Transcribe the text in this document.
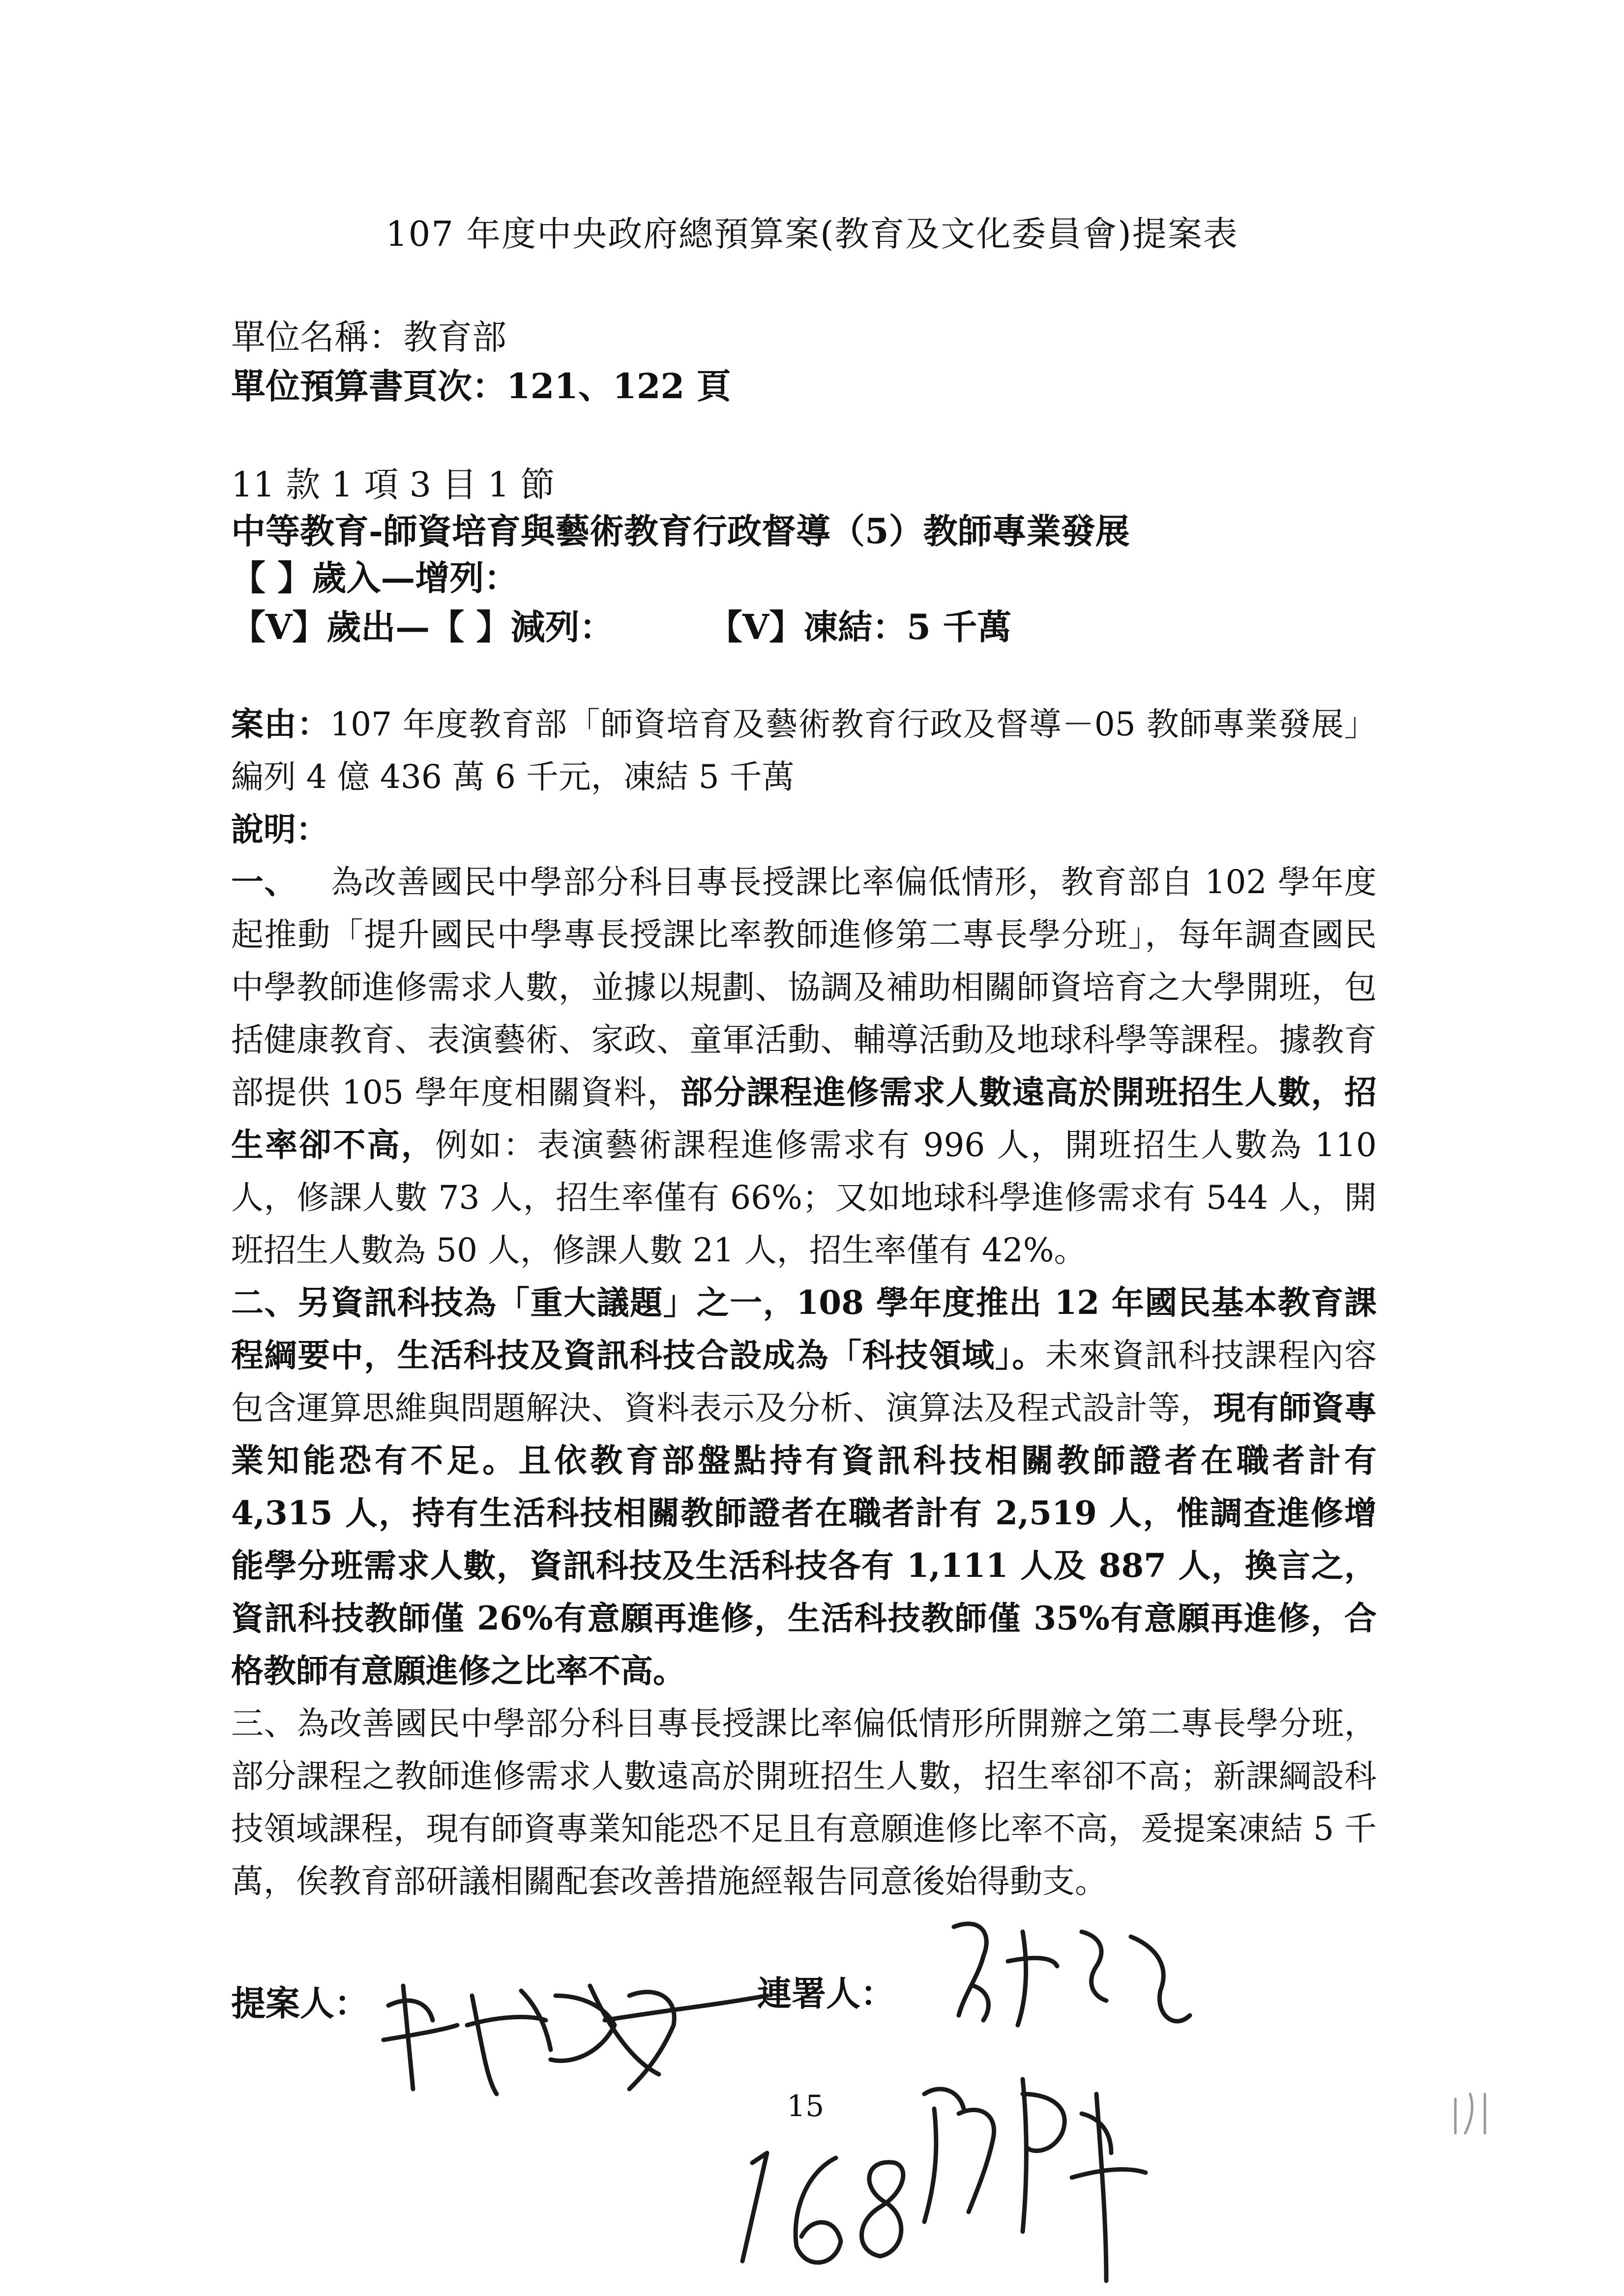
107 年度中央政府總預算案(教育及文化委員會)提案表
單位名稱：教育部
單位預算書頁次：121、122 頁
11 款 1 項 3 目 1 節
中等教育-師資培育與藝術教育行政督導（5）教師專業發展
【 】歲入—增列：
【V】歲出—【 】減列：	【V】凍結：5 千萬

案由：107 年度教育部「師資培育及藝術教育行政及督導－05 教師專業發展」編列 4 億 436 萬 6 千元，凍結 5 千萬

說明：

一、 為改善國民中學部分科目專長授課比率偏低情形，教育部自 102 學年度起推動「提升國民中學專長授課比率教師進修第二專長學分班」，每年調查國民中學教師進修需求人數，並據以規劃、協調及補助相關師資培育之大學開班，包括健康教育、表演藝術、家政、童軍活動、輔導活動及地球科學等課程。據教育部提供 105 學年度相關資料，部分課程進修需求人數遠高於開班招生人數，招生率卻不高，例如：表演藝術課程進修需求有 996 人，開班招生人數為 110 人，修課人數 73 人，招生率僅有 66%；又如地球科學進修需求有 544 人，開班招生人數為 50 人，修課人數 21 人，招生率僅有 42%。

二、另資訊科技為「重大議題」之一，108 學年度推出 12 年國民基本教育課程綱要中，生活科技及資訊科技合設成為「科技領域」。未來資訊科技課程內容包含運算思維與問題解決、資料表示及分析、演算法及程式設計等，現有師資專業知能恐有不足。且依教育部盤點持有資訊科技相關教師證者在職者計有 4,315 人，持有生活科技相關教師證者在職者計有 2,519 人，惟調查進修增能學分班需求人數，資訊科技及生活科技各有 1,111 人及 887 人，換言之，資訊科技教師僅 26%有意願再進修，生活科技教師僅 35%有意願再進修，合格教師有意願進修之比率不高。

三、為改善國民中學部分科目專長授課比率偏低情形所開辦之第二專長學分班，部分課程之教師進修需求人數遠高於開班招生人數，招生率卻不高；新課綱設科技領域課程，現有師資專業知能恐不足且有意願進修比率不高，爰提案凍結 5 千萬，俟教育部研議相關配套改善措施經報告同意後始得動支。

提案人：	連署人：
15
